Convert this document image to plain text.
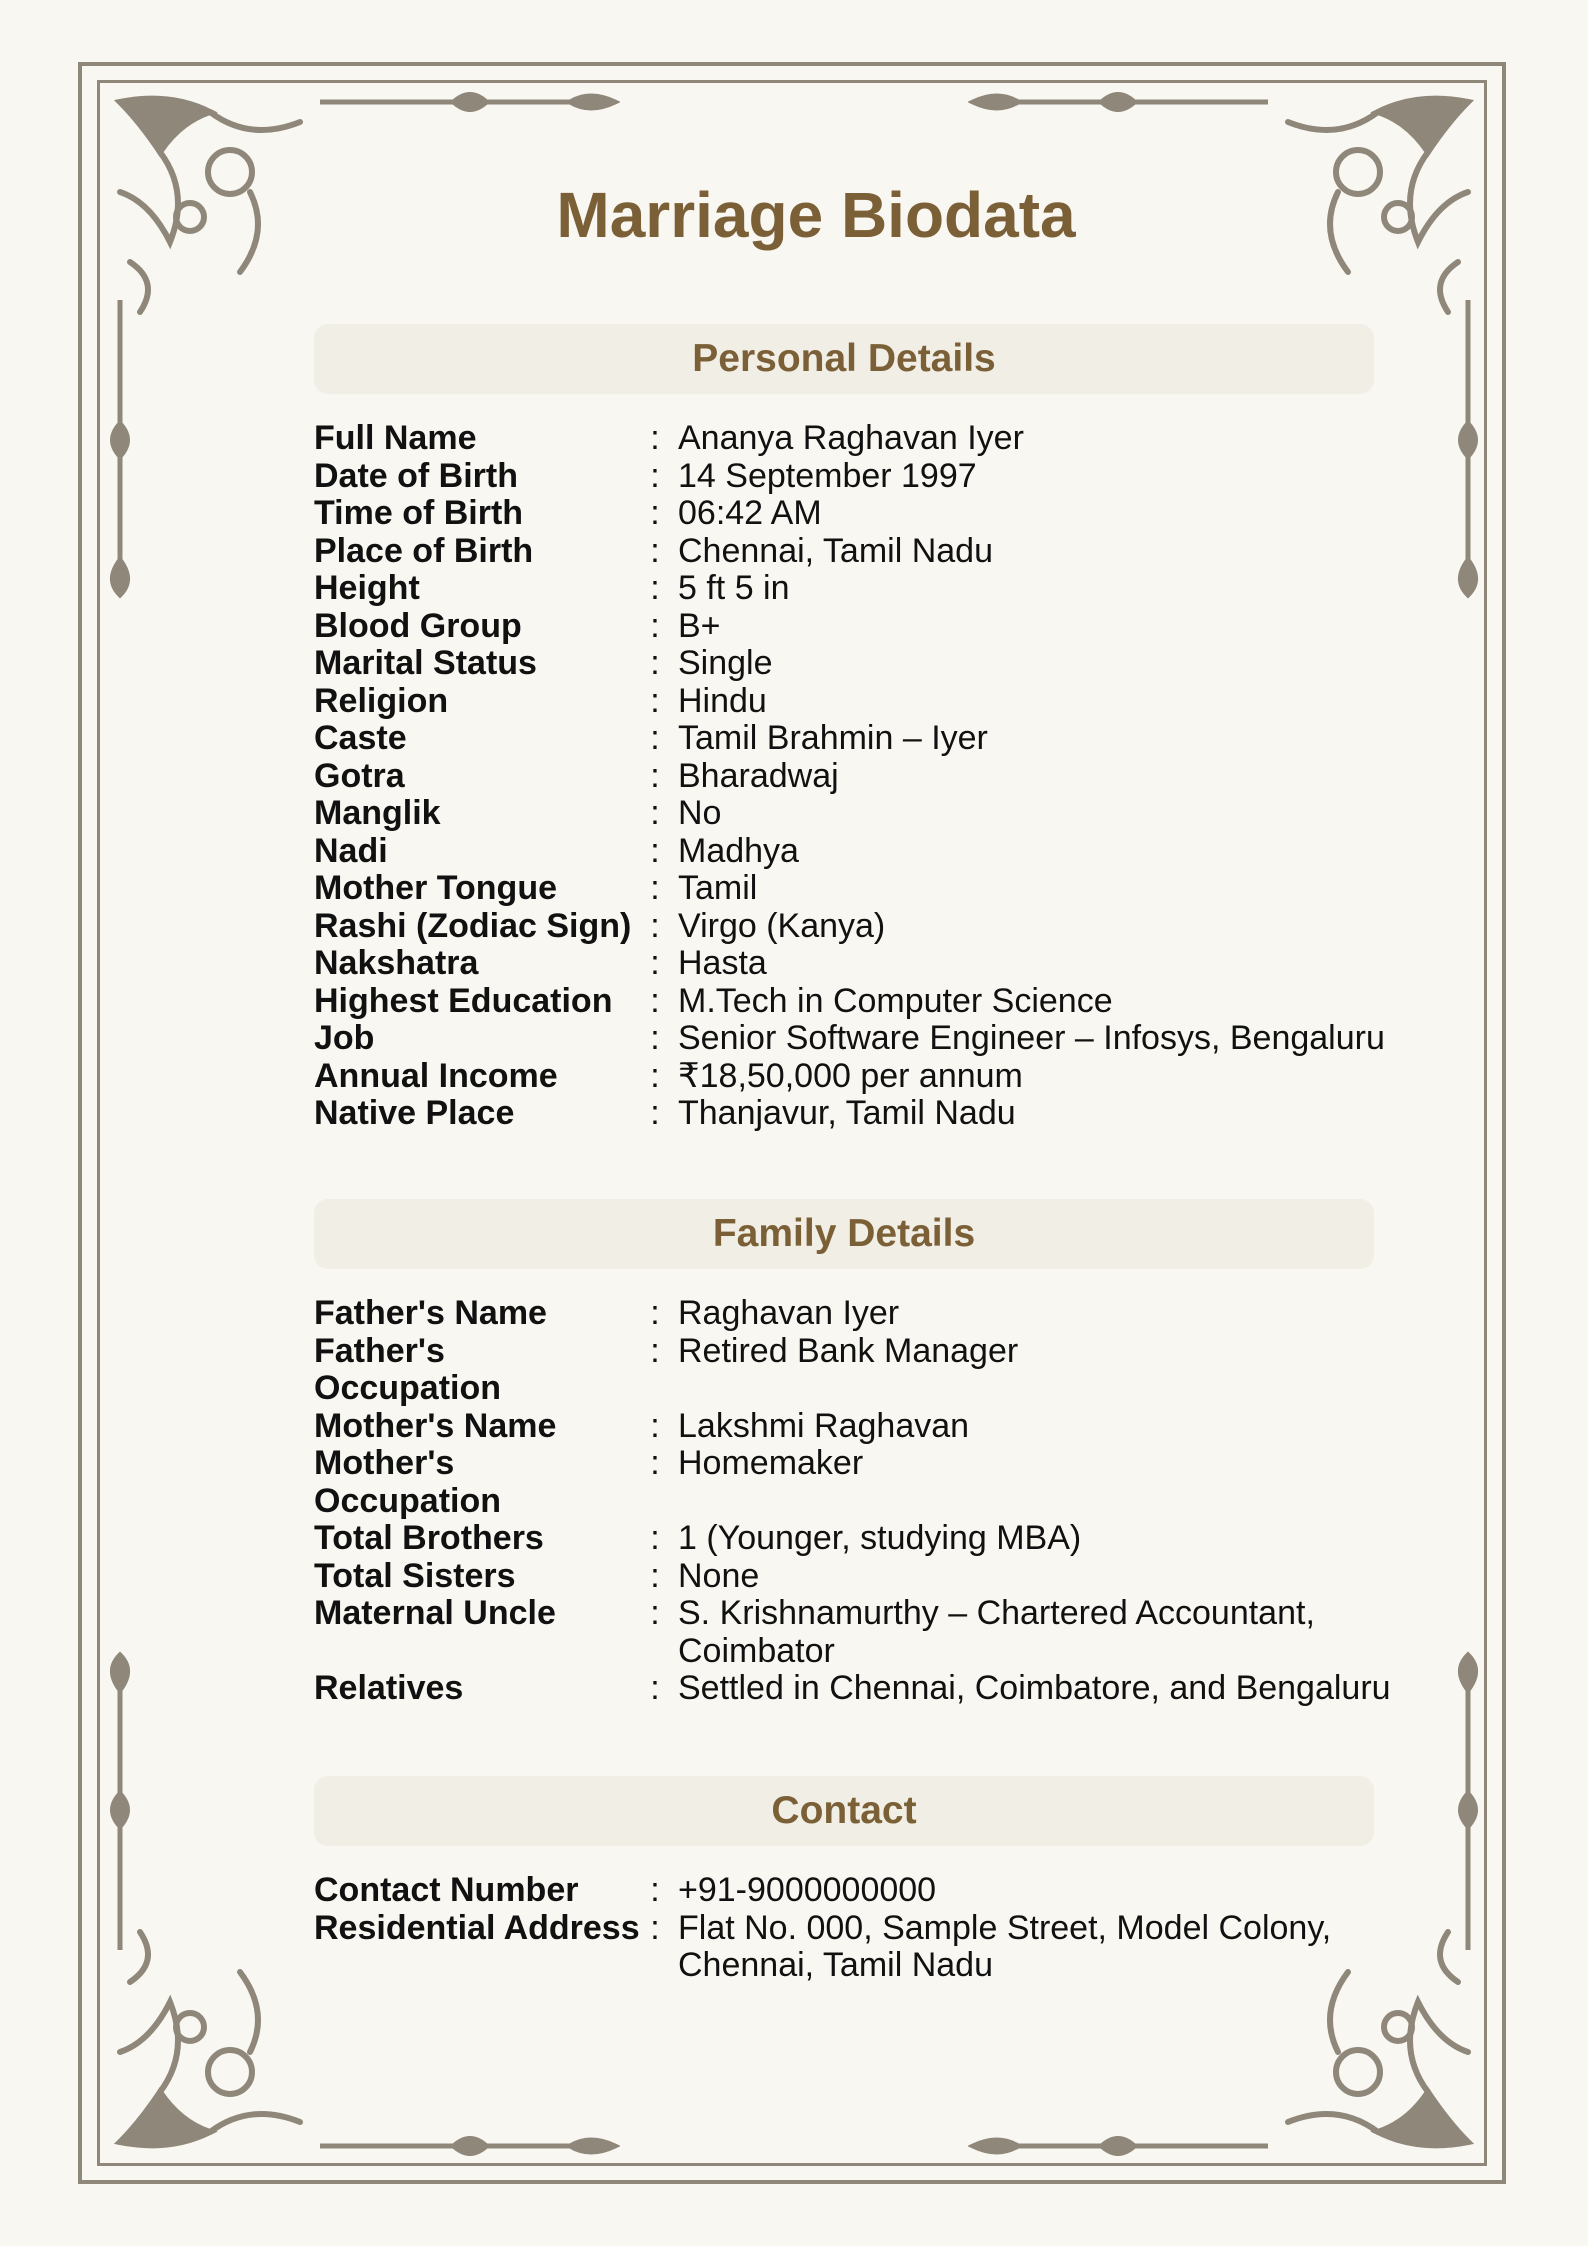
Marriage Biodata
Personal Details
Full Name	: Ananya Raghavan Iyer
Date of Birth	: 14 September 1997
Time of Birth	: 06:42 AM
Place of Birth	: Chennai, Tamil Nadu
Height	: 5 ft 5 in
Blood Group	: B+
Marital Status	: Single
Religion	: Hindu
Caste	: Tamil Brahmin – Iyer
Gotra	: Bharadwaj
Manglik	: No
Nadi	: Madhya
Mother Tongue	: Tamil
Rashi (Zodiac Sign) : Virgo (Kanya)
Nakshatra	: Hasta
Highest Education	: M.Tech in Computer Science
Job	: Senior Software Engineer – Infosys, Bengaluru
Annual Income	: ₹18,50,000 per annum
Native Place	: Thanjavur, Tamil Nadu
Family Details
Father's Name	: Raghavan Iyer
Father's Occupation
: Retired Bank Manager
Mother's Name	: Lakshmi Raghavan
Mother's Occupation
: Homemaker
Total Brothers	: 1 (Younger, studying MBA)
Total Sisters	: None
Maternal Uncle	: S. Krishnamurthy – Chartered Accountant, Coimbator
Relatives	: Settled in Chennai, Coimbatore, and Bengaluru
Contact
Contact Number	: +91-9000000000
Residential Address : Flat No. 000, Sample Street, Model Colony, Chennai, Tamil Nadu
